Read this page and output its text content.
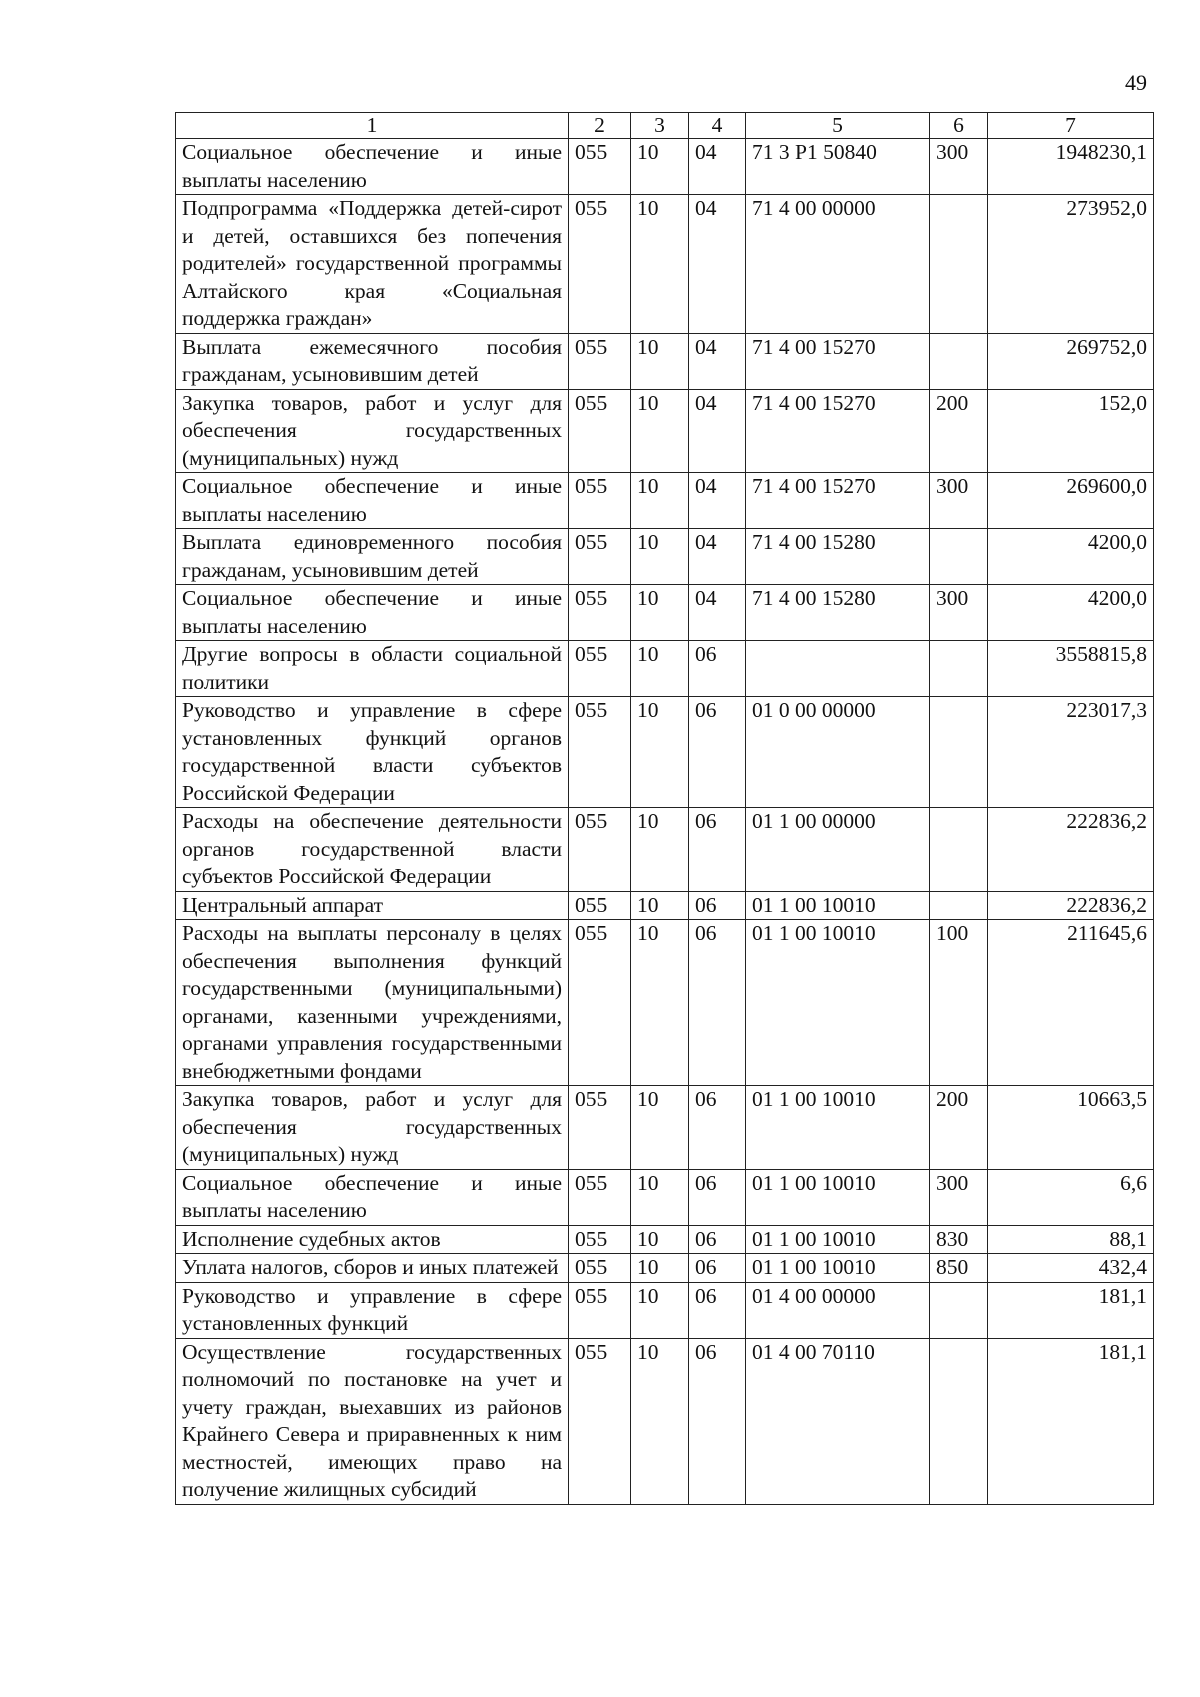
49
1	2	3	4	5	6	7
Социальное обеспечение и иные выплаты населению	055	10	04	71 3 Р1 50840	300	1948230,1
Подпрограмма «Поддержка детей-сирот и детей, оставшихся без попечения родителей» государственной программы Алтайского края «Социальная поддержка граждан»	055	10	04	71 4 00 00000		273952,0
Выплата ежемесячного пособия гражданам, усыновившим детей	055	10	04	71 4 00 15270		269752,0
Закупка товаров, работ и услуг для обеспечения государственных (муниципальных) нужд	055	10	04	71 4 00 15270	200	152,0
Социальное обеспечение и иные выплаты населению	055	10	04	71 4 00 15270	300	269600,0
Выплата единовременного пособия гражданам, усыновившим детей	055	10	04	71 4 00 15280		4200,0
Социальное обеспечение и иные выплаты населению	055	10	04	71 4 00 15280	300	4200,0
Другие вопросы в области социальной политики	055	10	06			3558815,8
Руководство и управление в сфере установленных функций органов государственной власти субъектов Российской Федерации	055	10	06	01 0 00 00000		223017,3
Расходы на обеспечение деятельности органов государственной власти субъектов Российской Федерации	055	10	06	01 1 00 00000		222836,2
Центральный аппарат	055	10	06	01 1 00 10010		222836,2
Расходы на выплаты персоналу в целях обеспечения выполнения функций государственными (муниципальными) органами, казенными учреждениями, органами управления государственными внебюджетными фондами	055	10	06	01 1 00 10010	100	211645,6
Закупка товаров, работ и услуг для обеспечения государственных (муниципальных) нужд	055	10	06	01 1 00 10010	200	10663,5
Социальное обеспечение и иные выплаты населению	055	10	06	01 1 00 10010	300	6,6
Исполнение судебных актов	055	10	06	01 1 00 10010	830	88,1
Уплата налогов, сборов и иных платежей	055	10	06	01 1 00 10010	850	432,4
Руководство и управление в сфере установленных функций	055	10	06	01 4 00 00000		181,1
Осуществление государственных полномочий по постановке на учет и учету граждан, выехавших из районов Крайнего Севера и приравненных к ним местностей, имеющих право на получение жилищных субсидий	055	10	06	01 4 00 70110		181,1
